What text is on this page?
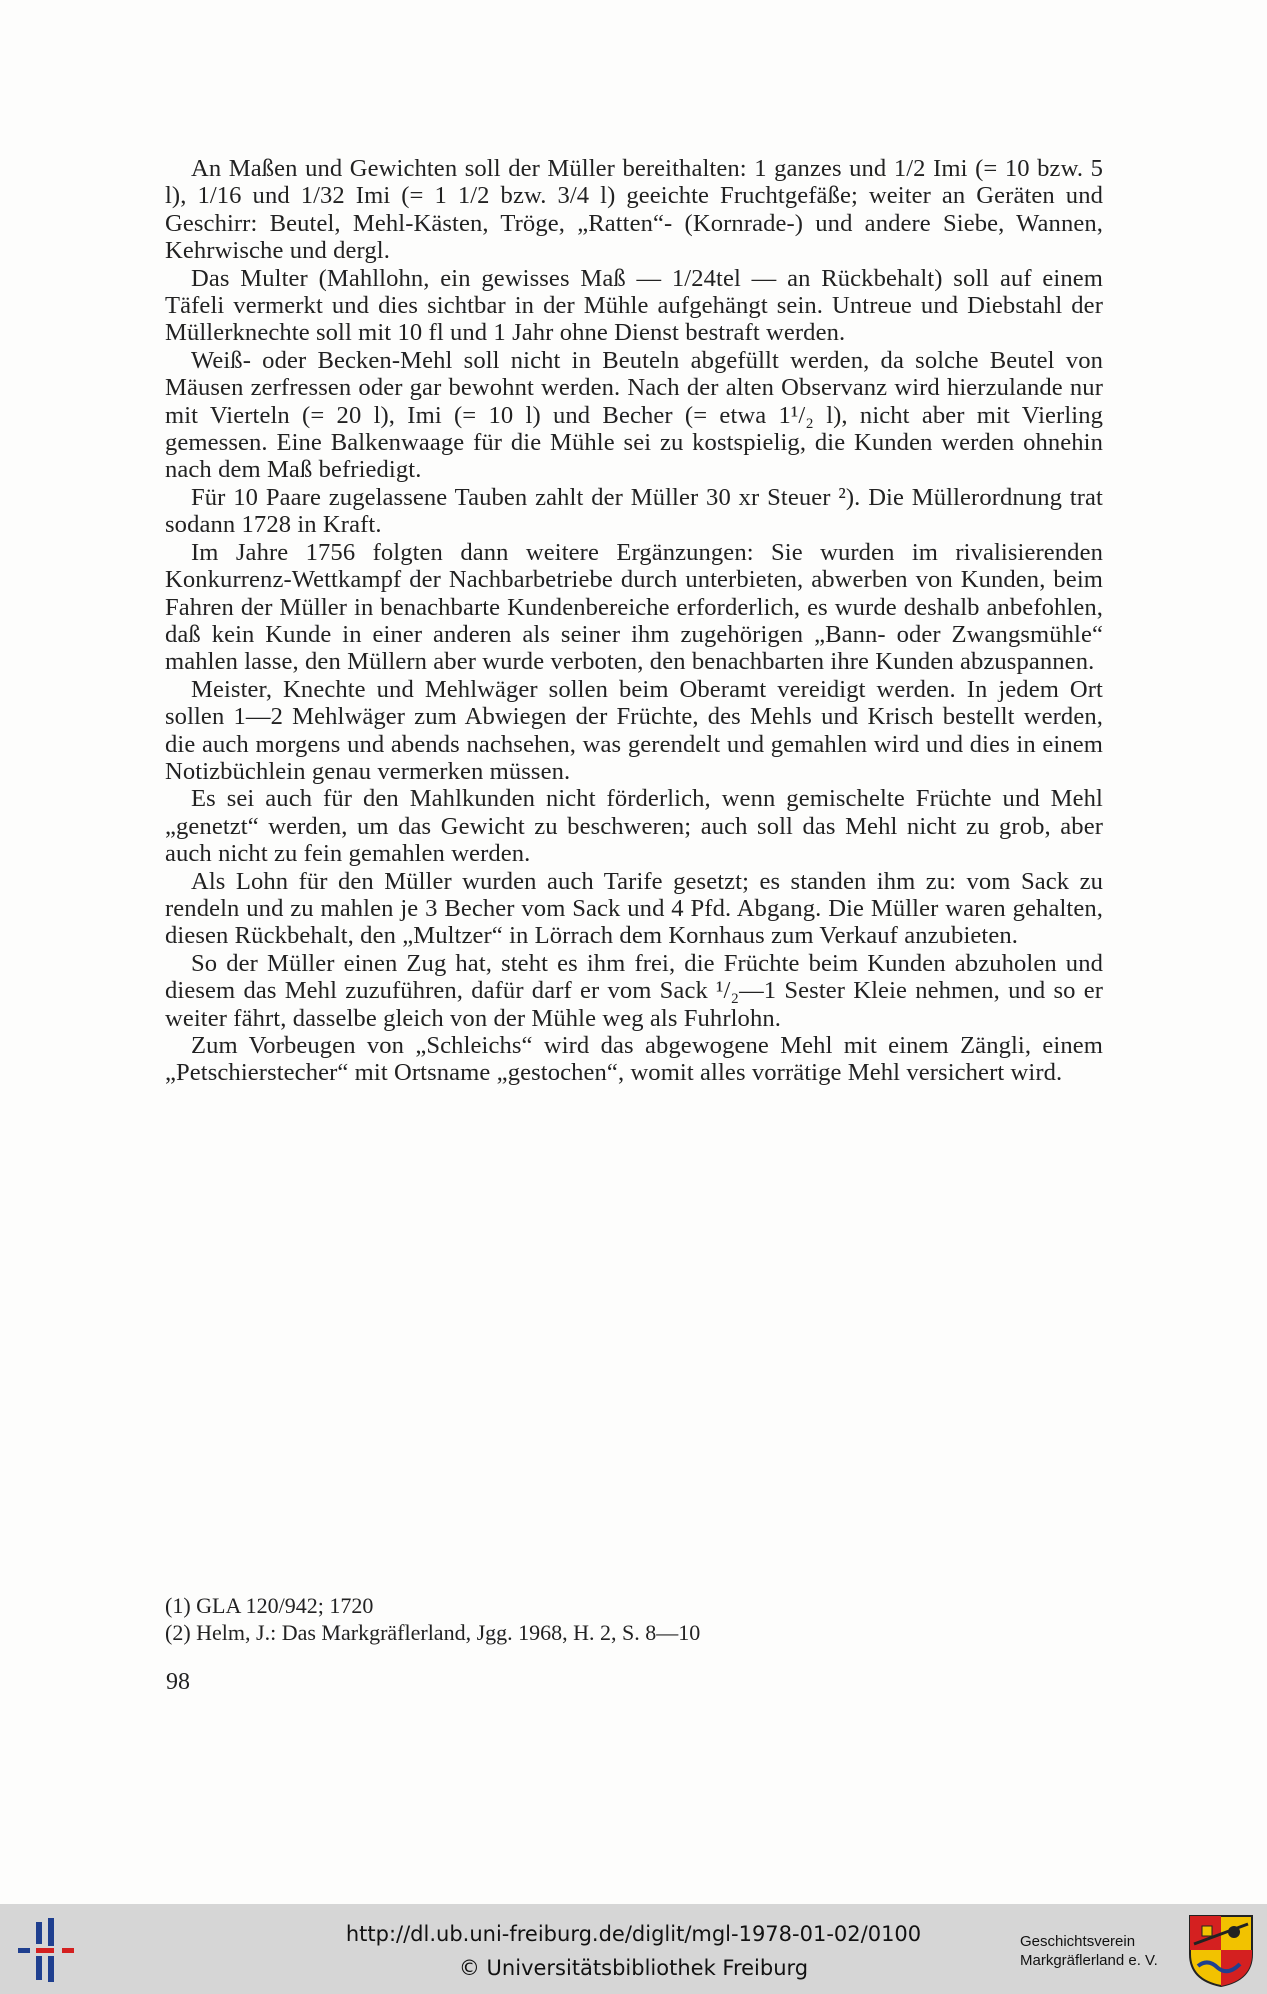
An Maßen und Gewichten soll der Müller bereithalten: 1 ganzes und 1/2 Imi (= 10 bzw. 5 l), 1/16 und 1/32 Imi (= 1 1/2 bzw. 3/4 l) geeichte Fruchtgefäße; weiter an Geräten und Geschirr: Beutel, Mehl-Kästen, Tröge, „Ratten“- (Kornrade-) und andere Siebe, Wannen, Kehrwische und dergl.

Das Multer (Mahllohn, ein gewisses Maß — 1/24tel — an Rückbehalt) soll auf einem Täfeli vermerkt und dies sichtbar in der Mühle aufgehängt sein. Untreue und Diebstahl der Müllerknechte soll mit 10 fl und 1 Jahr ohne Dienst bestraft werden.

Weiß- oder Becken-Mehl soll nicht in Beuteln abgefüllt werden, da solche Beutel von Mäusen zerfressen oder gar bewohnt werden. Nach der alten Observanz wird hierzulande nur mit Vierteln (= 20 l), Imi (= 10 l) und Becher (= etwa 1¹/₂ l), nicht aber mit Vierling gemessen. Eine Balkenwaage für die Mühle sei zu kostspielig, die Kunden werden ohnehin nach dem Maß befriedigt.

Für 10 Paare zugelassene Tauben zahlt der Müller 30 xr Steuer ²). Die Müllerordnung trat sodann 1728 in Kraft.

Im Jahre 1756 folgten dann weitere Ergänzungen: Sie wurden im rivalisierenden Konkurrenz-Wettkampf der Nachbarbetriebe durch unterbieten, abwerben von Kunden, beim Fahren der Müller in benachbarte Kundenbereiche erforderlich, es wurde deshalb anbefohlen, daß kein Kunde in einer anderen als seiner ihm zugehörigen „Bann- oder Zwangsmühle“ mahlen lasse, den Müllern aber wurde verboten, den benachbarten ihre Kunden abzuspannen.

Meister, Knechte und Mehlwäger sollen beim Oberamt vereidigt werden. In jedem Ort sollen 1—2 Mehlwäger zum Abwiegen der Früchte, des Mehls und Krisch bestellt werden, die auch morgens und abends nachsehen, was gerendelt und gemahlen wird und dies in einem Notizbüchlein genau vermerken müssen.

Es sei auch für den Mahlkunden nicht förderlich, wenn gemischelte Früchte und Mehl „genetzt“ werden, um das Gewicht zu beschweren; auch soll das Mehl nicht zu grob, aber auch nicht zu fein gemahlen werden.

Als Lohn für den Müller wurden auch Tarife gesetzt; es standen ihm zu: vom Sack zu rendeln und zu mahlen je 3 Becher vom Sack und 4 Pfd. Abgang. Die Müller waren gehalten, diesen Rückbehalt, den „Multzer“ in Lörrach dem Kornhaus zum Verkauf anzubieten.

So der Müller einen Zug hat, steht es ihm frei, die Früchte beim Kunden abzuholen und diesem das Mehl zuzuführen, dafür darf er vom Sack ¹/₂—1 Sester Kleie nehmen, und so er weiter fährt, dasselbe gleich von der Mühle weg als Fuhrlohn.

Zum Vorbeugen von „Schleichs“ wird das abgewogene Mehl mit einem Zängli, einem „Petschierstecher“ mit Ortsname „gestochen“, womit alles vorrätige Mehl versichert wird.

(1) GLA 120/942; 1720

(2) Helm, J.: Das Markgräflerland, Jgg. 1968, H. 2, S. 8—10

98
http://dl.ub.uni-freiburg.de/diglit/mgl-1978-01-02/0100
© Universitätsbibliothek Freiburg
Geschichtsverein
Markgräflerland e. V.
